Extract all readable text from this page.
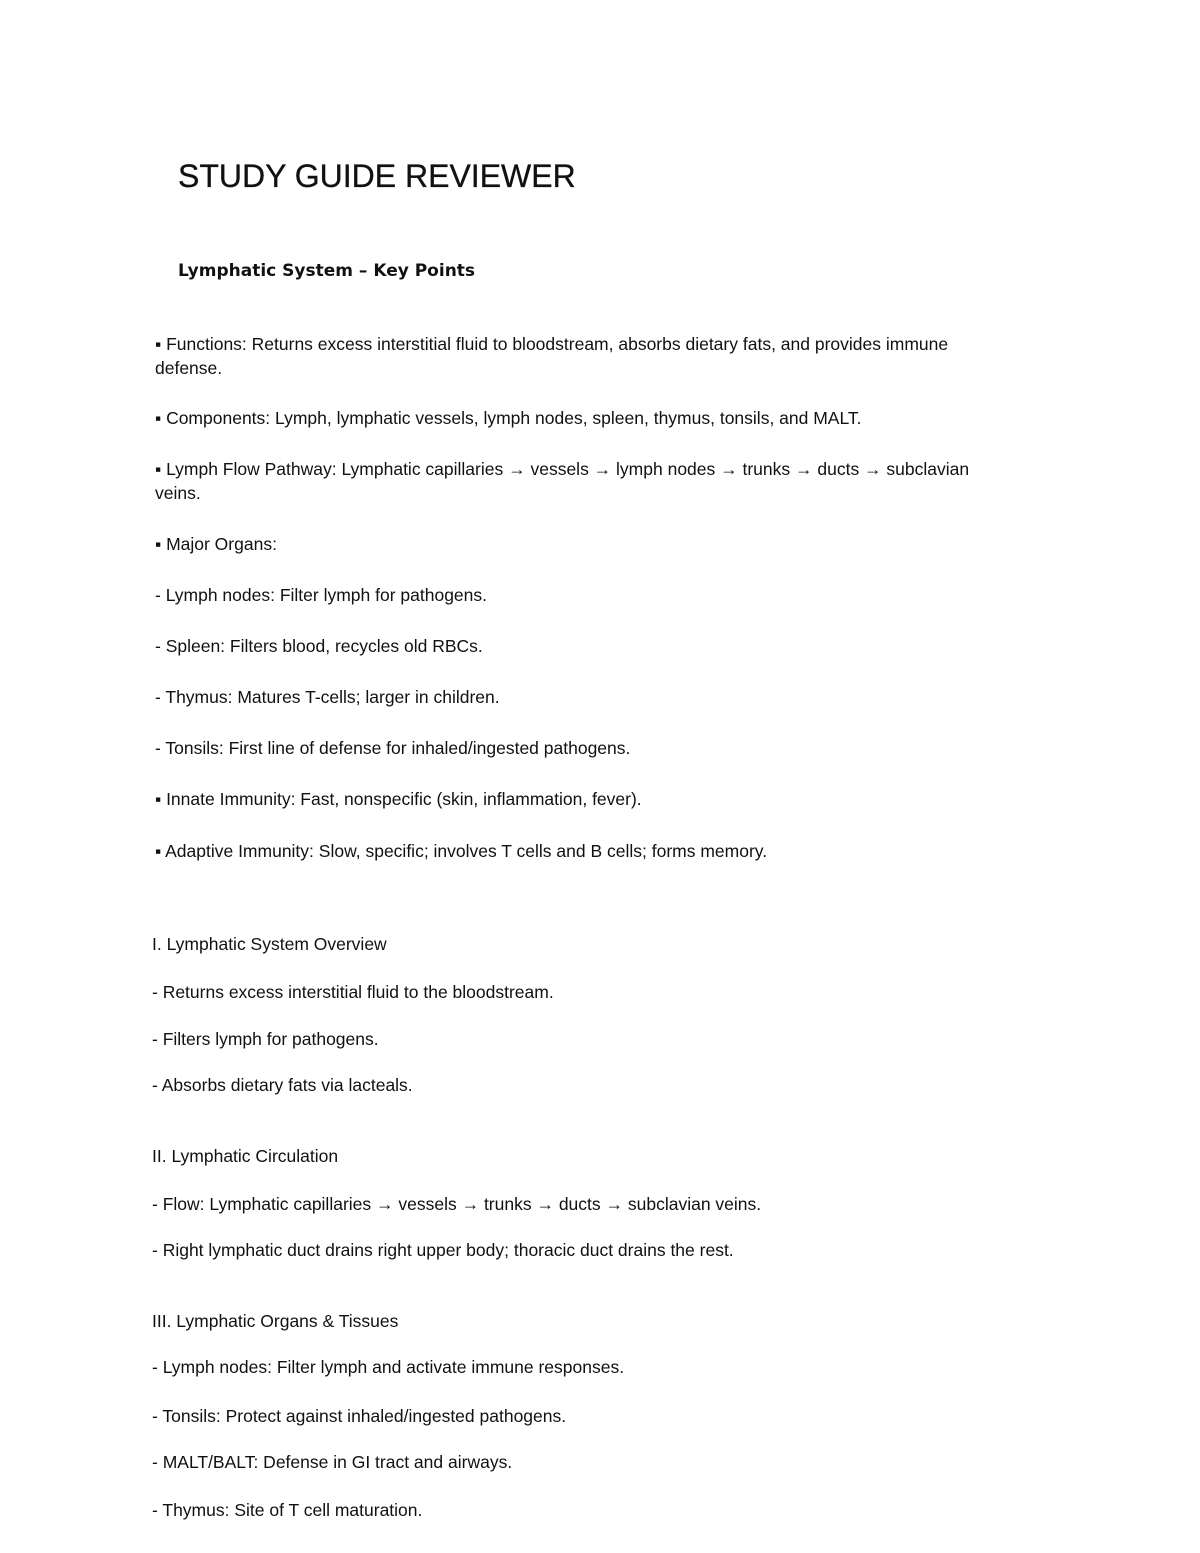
STUDY GUIDE REVIEWER
Lymphatic System – Key Points

▪ Functions: Returns excess interstitial fluid to bloodstream, absorbs dietary fats, and provides immune defense.

▪ Components: Lymph, lymphatic vessels, lymph nodes, spleen, thymus, tonsils, and MALT.

▪ Lymph Flow Pathway: Lymphatic capillaries → vessels → lymph nodes → trunks → ducts → subclavian veins.

▪ Major Organs:

- Lymph nodes: Filter lymph for pathogens.

- Spleen: Filters blood, recycles old RBCs.

- Thymus: Matures T-cells; larger in children.

- Tonsils: First line of defense for inhaled/ingested pathogens.

▪ Innate Immunity: Fast, nonspecific (skin, inflammation, fever).

▪ Adaptive Immunity: Slow, specific; involves T cells and B cells; forms memory.

I. Lymphatic System Overview

- Returns excess interstitial fluid to the bloodstream.

- Filters lymph for pathogens.

- Absorbs dietary fats via lacteals.

II. Lymphatic Circulation

- Flow: Lymphatic capillaries → vessels → trunks → ducts → subclavian veins.

- Right lymphatic duct drains right upper body; thoracic duct drains the rest.

III. Lymphatic Organs & Tissues

- Lymph nodes: Filter lymph and activate immune responses.

- Tonsils: Protect against inhaled/ingested pathogens.

- MALT/BALT: Defense in GI tract and airways.

- Thymus: Site of T cell maturation.
